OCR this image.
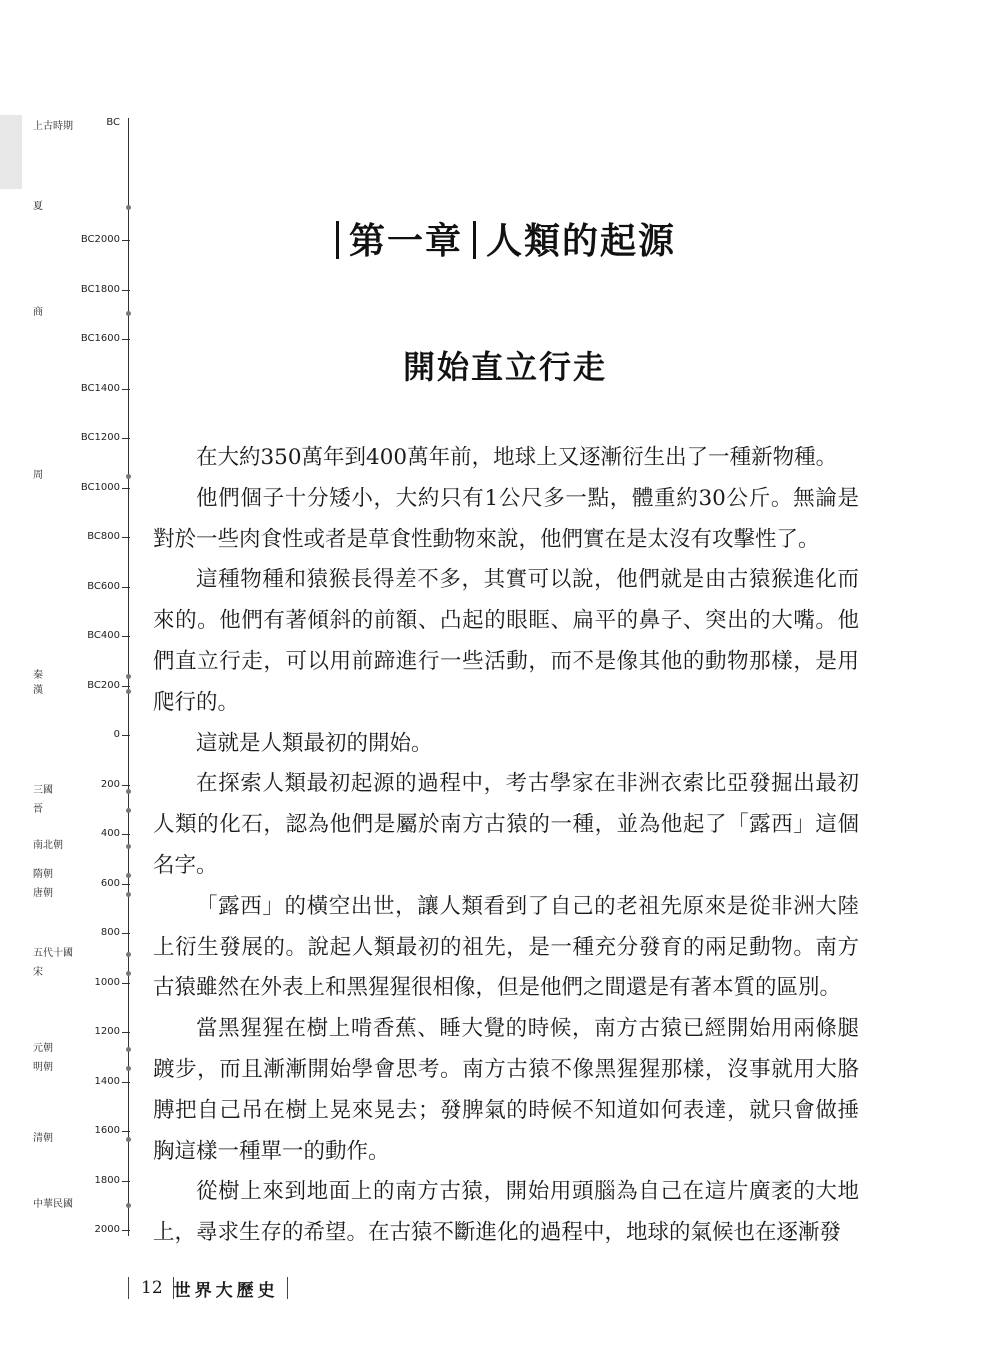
上古時期	BC
BC2000
BC1800
BC1600
BC1400
BC1200
BC1000
BC800
BC600
BC400
BC200
0
200
400
600
800
1000
1200
1400
1600
1800
2000
夏
商
周
秦
漢
三國
晉
南北朝
隋朝
唐朝
五代十國
宋
元朝
明朝
清朝
中華民國
第一章 人類的起源
開始直立行走

在大約350萬年到400萬年前，地球上又逐漸衍生出了一種新物種。

他們個子十分矮小，大約只有1公尺多一點，體重約30公斤。無論是對於一些肉食性或者是草食性動物來說，他們實在是太沒有攻擊性了。

這種物種和猿猴長得差不多，其實可以說，他們就是由古猿猴進化而來的。他們有著傾斜的前額、凸起的眼眶、扁平的鼻子、突出的大嘴。他們直立行走，可以用前蹄進行一些活動，而不是像其他的動物那樣，是用爬行的。

這就是人類最初的開始。

在探索人類最初起源的過程中，考古學家在非洲衣索比亞發掘出最初人類的化石，認為他們是屬於南方古猿的一種，並為他起了「露西」這個名字。

「露西」的橫空出世，讓人類看到了自己的老祖先原來是從非洲大陸上衍生發展的。說起人類最初的祖先，是一種充分發育的兩足動物。南方古猿雖然在外表上和黑猩猩很相像，但是他們之間還是有著本質的區別。

當黑猩猩在樹上啃香蕉、睡大覺的時候，南方古猿已經開始用兩條腿踱步，而且漸漸開始學會思考。南方古猿不像黑猩猩那樣，沒事就用大胳膊把自己吊在樹上晃來晃去；發脾氣的時候不知道如何表達，就只會做捶胸這樣一種單一的動作。

從樹上來到地面上的南方古猿，開始用頭腦為自己在這片廣袤的大地上，尋求生存的希望。在古猿不斷進化的過程中，地球的氣候也在逐漸發

12 世界大歷史
